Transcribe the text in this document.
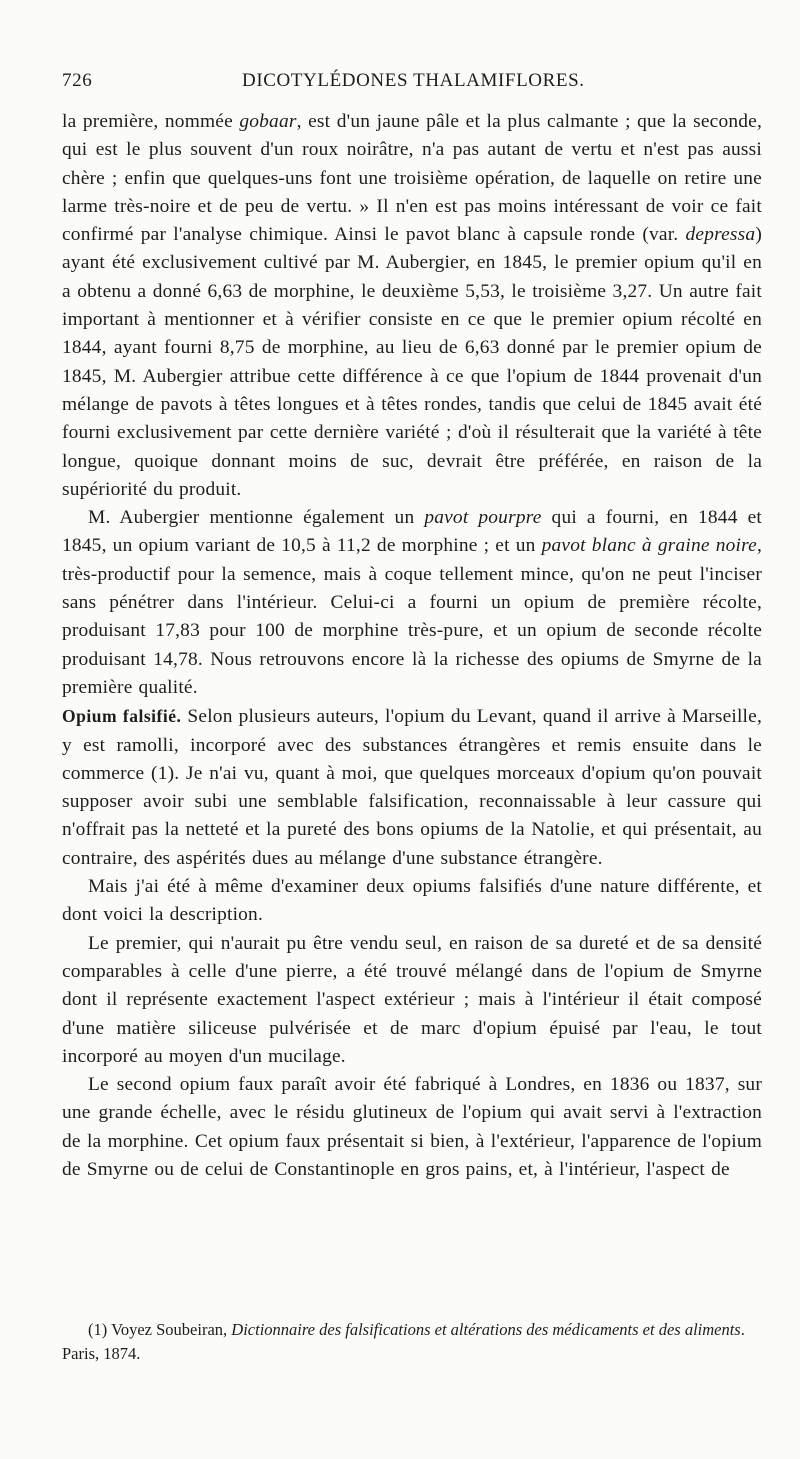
726	DICOTYLÉDONES THALAMIFLORES.

la première, nommée gobaar, est d'un jaune pâle et la plus calmante ; que la seconde, qui est le plus souvent d'un roux noirâtre, n'a pas autant de vertu et n'est pas aussi chère ; enfin que quelques-uns font une troisième opération, de laquelle on retire une larme très-noire et de peu de vertu. » Il n'en est pas moins intéressant de voir ce fait confirmé par l'analyse chimique. Ainsi le pavot blanc à capsule ronde (var. depressa) ayant été exclusivement cultivé par M. Aubergier, en 1845, le premier opium qu'il en a obtenu a donné 6,63 de morphine, le deuxième 5,53, le troisième 3,27. Un autre fait important à mentionner et à vérifier consiste en ce que le premier opium récolté en 1844, ayant fourni 8,75 de morphine, au lieu de 6,63 donné par le premier opium de 1845, M. Aubergier attribue cette différence à ce que l'opium de 1844 provenait d'un mélange de pavots à têtes longues et à têtes rondes, tandis que celui de 1845 avait été fourni exclusivement par cette dernière variété ; d'où il résulterait que la variété à tête longue, quoique donnant moins de suc, devrait être préférée, en raison de la supériorité du produit.

M. Aubergier mentionne également un pavot pourpre qui a fourni, en 1844 et 1845, un opium variant de 10,5 à 11,2 de morphine ; et un pavot blanc à graine noire, très-productif pour la semence, mais à coque tellement mince, qu'on ne peut l'inciser sans pénétrer dans l'intérieur. Celui-ci a fourni un opium de première récolte, produisant 17,83 pour 100 de morphine très-pure, et un opium de seconde récolte produisant 14,78. Nous retrouvons encore là la richesse des opiums de Smyrne de la première qualité.

Opium falsifié. Selon plusieurs auteurs, l'opium du Levant, quand il arrive à Marseille, y est ramolli, incorporé avec des substances étrangères et remis ensuite dans le commerce (1). Je n'ai vu, quant à moi, que quelques morceaux d'opium qu'on pouvait supposer avoir subi une semblable falsification, reconnaissable à leur cassure qui n'offrait pas la netteté et la pureté des bons opiums de la Natolie, et qui présentait, au contraire, des aspérités dues au mélange d'une substance étrangère.

Mais j'ai été à même d'examiner deux opiums falsifiés d'une nature différente, et dont voici la description.

Le premier, qui n'aurait pu être vendu seul, en raison de sa dureté et de sa densité comparables à celle d'une pierre, a été trouvé mélangé dans de l'opium de Smyrne dont il représente exactement l'aspect extérieur ; mais à l'intérieur il était composé d'une matière siliceuse pulvérisée et de marc d'opium épuisé par l'eau, le tout incorporé au moyen d'un mucilage.

Le second opium faux paraît avoir été fabriqué à Londres, en 1836 ou 1837, sur une grande échelle, avec le résidu glutineux de l'opium qui avait servi à l'extraction de la morphine. Cet opium faux présentait si bien, à l'extérieur, l'apparence de l'opium de Smyrne ou de celui de Constantinople en gros pains, et, à l'intérieur, l'aspect de

(1) Voyez Soubeiran, Dictionnaire des falsifications et altérations des médicaments et des aliments. Paris, 1874.
